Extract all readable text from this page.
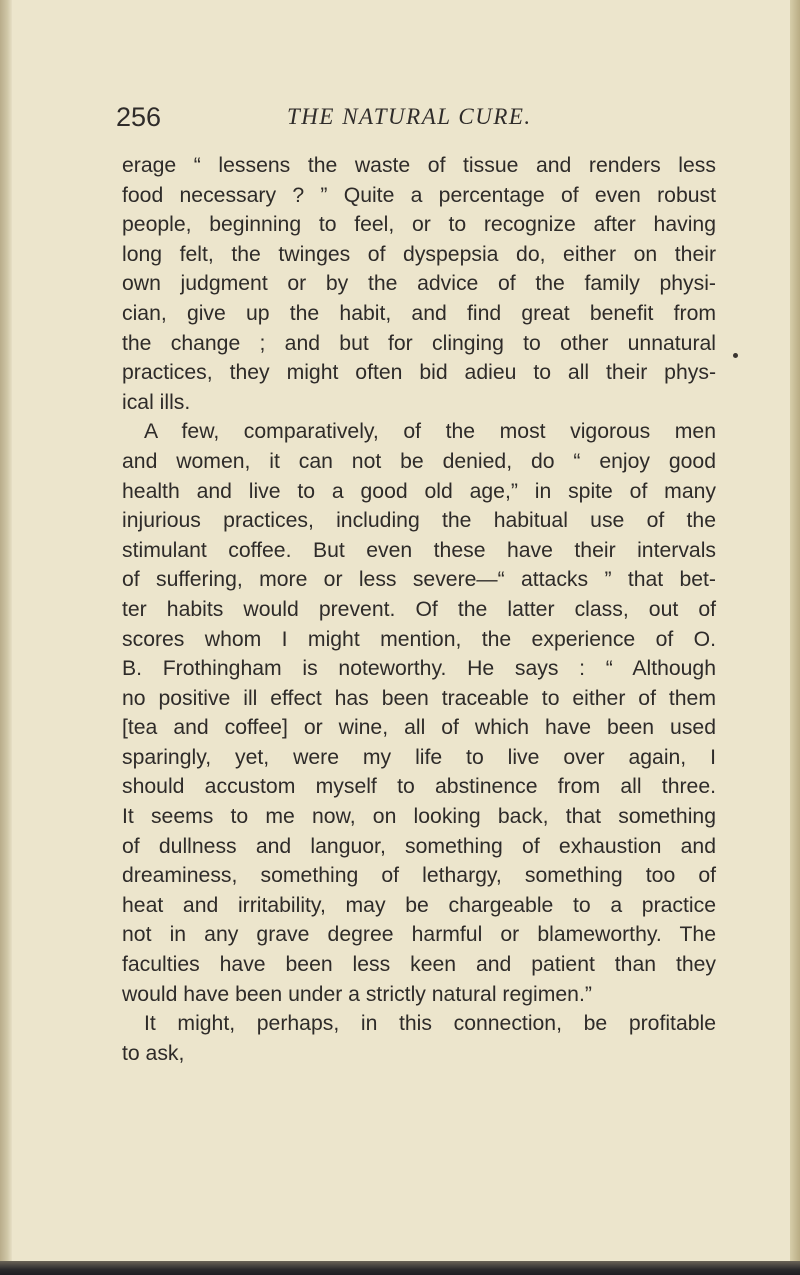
256	THE NATURAL CURE.
erage “ lessens the waste of tissue and renders less
food necessary ? ” Quite a percentage of even robust
people, beginning to feel, or to recognize after having
long felt, the twinges of dyspepsia do, either on their
own judgment or by the advice of the family physi-
cian, give up the habit, and find great benefit from
the change ; and but for clinging to other unnatural
practices, they might often bid adieu to all their phys-
ical ills.
A few, comparatively, of the most vigorous men
and women, it can not be denied, do “ enjoy good
health and live to a good old age,” in spite of many
injurious practices, including the habitual use of the
stimulant coffee. But even these have their intervals
of suffering, more or less severe—“ attacks ” that bet-
ter habits would prevent. Of the latter class, out of
scores whom I might mention, the experience of O.
B. Frothingham is noteworthy. He says : “ Although
no positive ill effect has been traceable to either of them
[tea and coffee] or wine, all of which have been used
sparingly, yet, were my life to live over again, I
should accustom myself to abstinence from all three.
It seems to me now, on looking back, that something
of dullness and languor, something of exhaustion and
dreaminess, something of lethargy, something too of
heat and irritability, may be chargeable to a practice
not in any grave degree harmful or blameworthy. The
faculties have been less keen and patient than they
would have been under a strictly natural regimen.”
It might, perhaps, in this connection, be profitable
to ask,
